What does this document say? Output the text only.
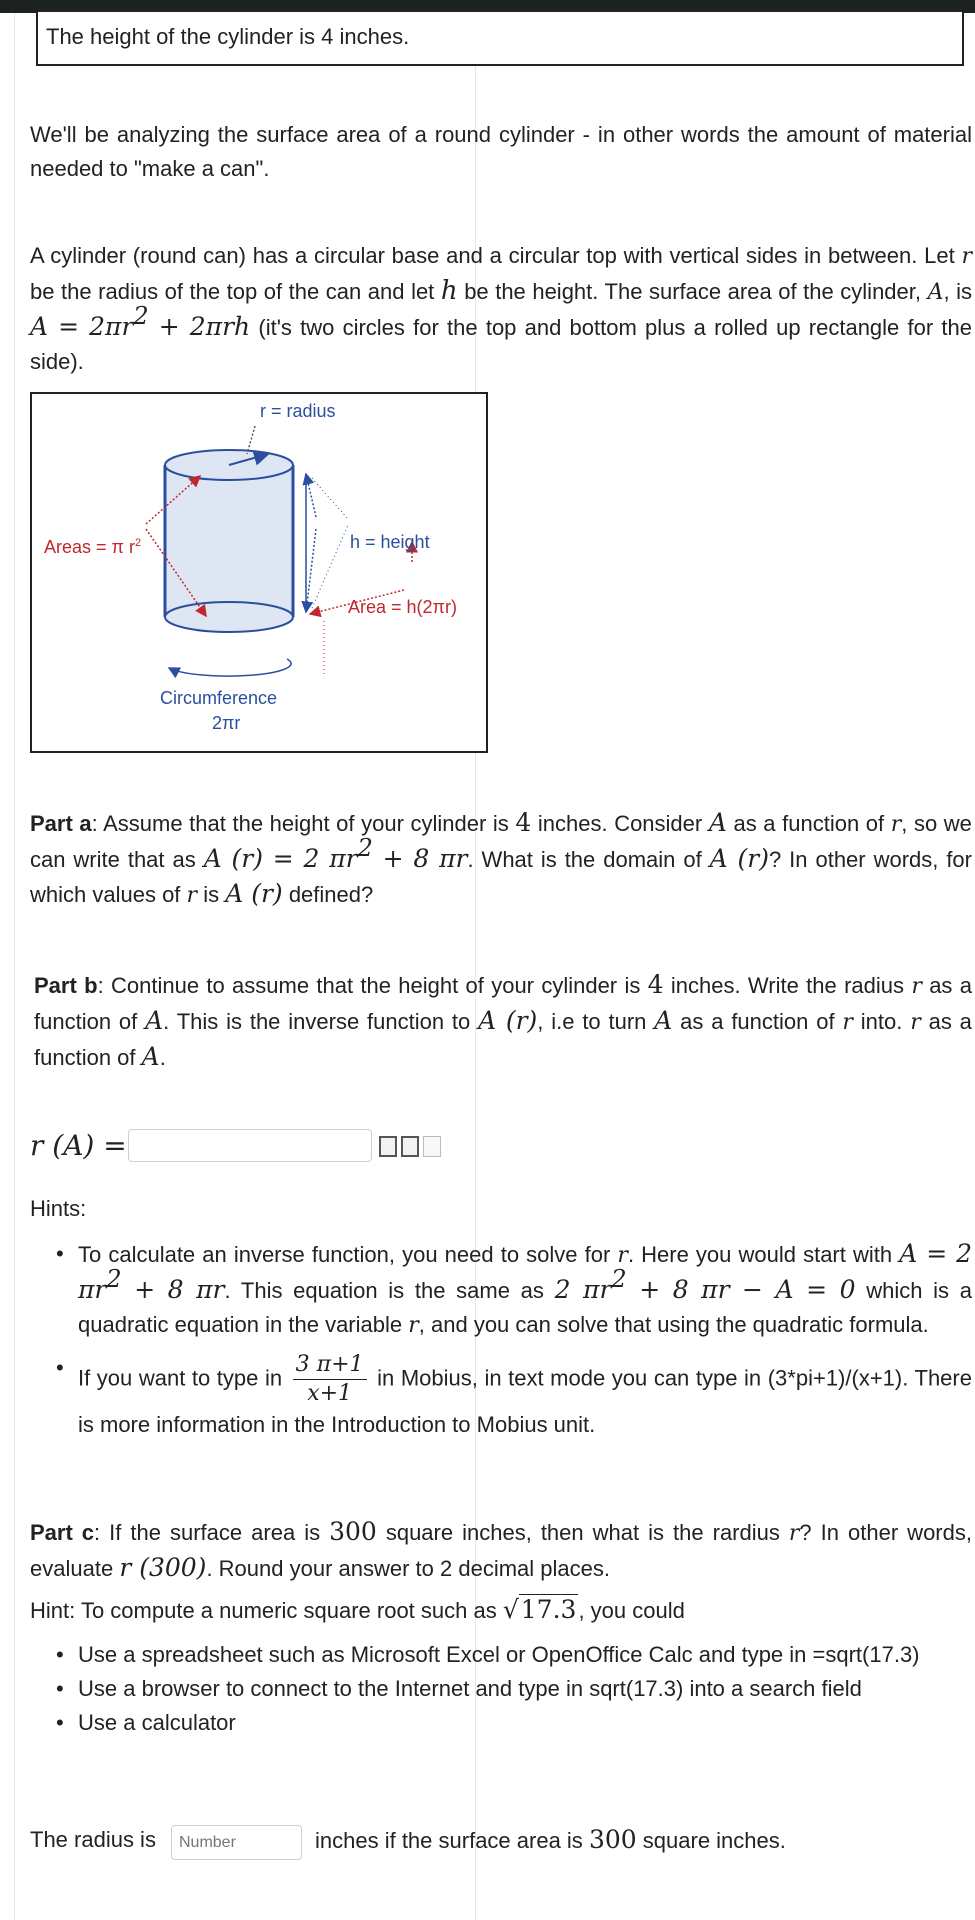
The height of the cylinder is 4 inches.
We'll be analyzing the surface area of a round cylinder - in other words the amount of material needed to "make a can".
A cylinder (round can) has a circular base and a circular top with vertical sides in between. Let r be the radius of the top of the can and let h be the height. The surface area of the cylinder, A, is $A = 2\pi r^2 + 2\pi rh$ (it's two circles for the top and bottom plus a rolled up rectangle for the side).
r = radius
Areas = π $r^2$	h = height
Area = h(2πr)
Circumference
2πr
Part a: Assume that the height of your cylinder is 4 inches. Consider A as a function of r, so we can write that as A (r) = 2 $\pi r^2 + 8$ πr. What is the domain of A (r)? In other words, for which values of r is A (r) defined?
Part b: Continue to assume that the height of your cylinder is 4 inches. Write the radius r as a function of A. This is the inverse function to A (r), i.e to turn A as a function of r into. r as a function of A.
r (A) =
Hints:
• To calculate an inverse function, you need to solve for r. Here you would start with A = 2 $\pi r^2 + 8$ πr. This equation is the same as 2 $\pi r^2 + 8$ πr − A = 0 which is a quadratic equation in the variable r, and you can solve that using the quadratic formula.
• If you want to type in $\frac{3 \pi+1}{x+1}$ in Mobius, in text mode you can type in (3*pi+1)/(x+1). There is more information in the Introduction to Mobius unit.
Part c: If the surface area is 300 square inches, then what is the rardius r? In other words, evaluate r (300). Round your answer to 2 decimal places.
Hint: To compute a numeric square root such as √17.3, you could
• Use a spreadsheet such as Microsoft Excel or OpenOffice Calc and type in =sqrt(17.3)
• Use a browser to connect to the Internet and type in sqrt(17.3) into a search field
• Use a calculator
The radius is
Number	inches if the surface area is 300 square inches.
